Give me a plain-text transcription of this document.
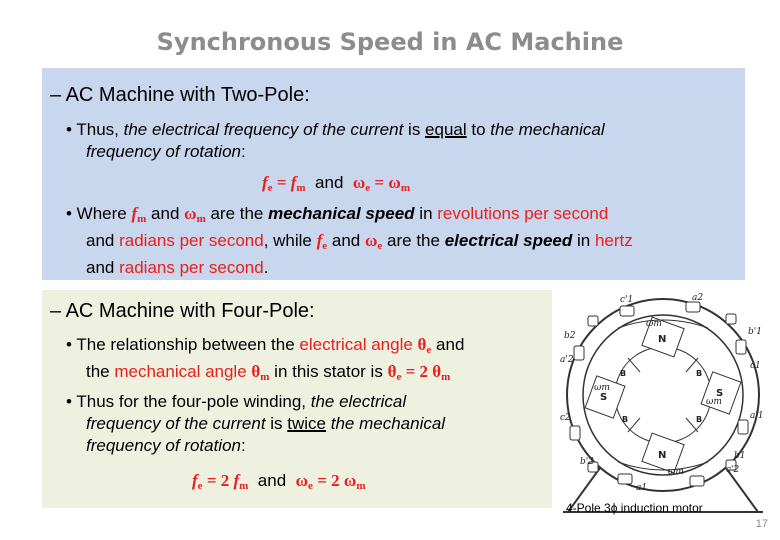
Synchronous Speed in AC Machine
– AC Machine with Two-Pole:
• Thus, the electrical frequency of the current is equal to the mechanical
frequency of rotation:
$f_e = f_m$  and  $\omega_e = \omega_m$
• Where $f_m$ and $\omega_m$ are the mechanical speed in revolutions per second
and radians per second, while $f_e$ and $\omega_e$ are the electrical speed in hertz
and radians per second.
– AC Machine with Four-Pole:
• The relationship between the electrical angle $\theta_e$ and
the mechanical angle $\theta_m$ in this stator is $\theta_e = 2$ $\theta_m$
• Thus for the four-pole winding, the electrical
frequency of the current is twice the mechanical
frequency of rotation:
$f_e = 2$ $f_m$  and  $\omega_e = 2$ $\omega_m$
c'1	a2
b2	b'1
c1
a'2
a'1
b'2
a1
c2
c'2
b1
ωm
ωm
ωm
ωm
N
N
S	S
B	B
B	B
4-Pole 3ϕ induction motor
17
